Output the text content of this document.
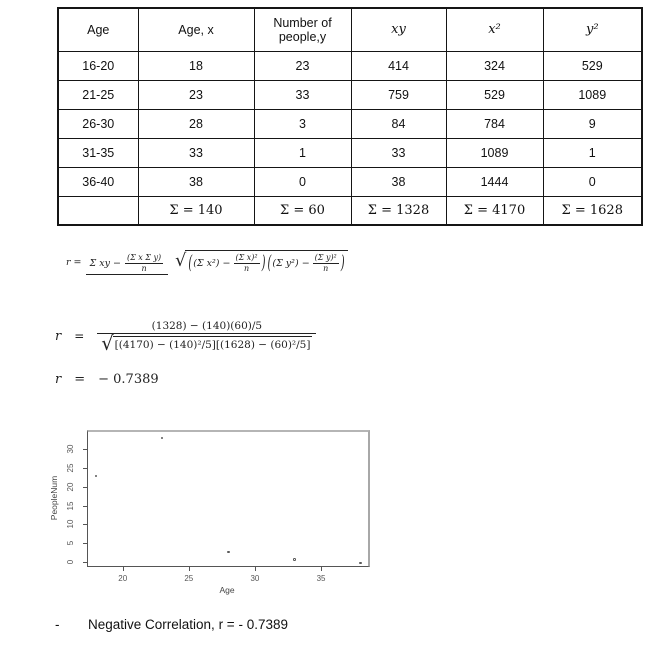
Age	Age, x	Number of people,y	xy	x²	y²
16-20	18	23	414	324	529
21-25	23	33	759	529	1089
26-30	28	3	84	784	9
31-35	33	1	33	1089	1
36-40	38	0	38	1444	0
	Σ = 140	Σ = 60	Σ = 1328	Σ = 4170	Σ = 1628
r = Σ xy − $\frac{\text{(Σ x Σ y)}}{n}$
√ ( (Σ $x^2) - \frac{\text{(Σ x)²}}{n}$ ) ( (Σ $y^2) - \frac{\text{(Σ y)²}}{n}$ )
$r = \frac{(1328) - (140)(60)/5}{\text{√ [(4170) − (140)²/5][(1628) − (60)²/5]}}$
r = − 0.7389
PeopleNum
Age
20	25	30	35
0
5
10
15
20
25
30
-	Negative Correlation, r = - 0.7389
